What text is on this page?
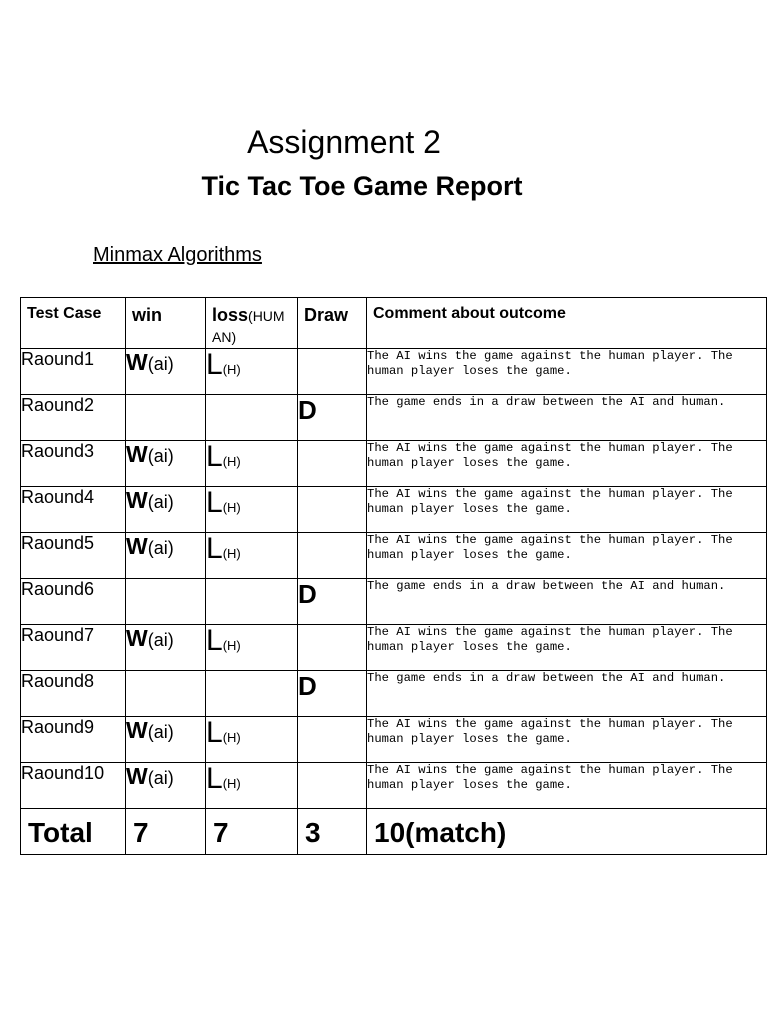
Assignment 2
Tic Tac Toe Game Report
Minmax Algorithms
Test Case	win	loss(HUM AN)	Draw	Comment about outcome

Raound1	W(ai)	L(H)		The AI wins the game against the human player. The human player loses the game.
Raound2			D	The game ends in a draw between the AI and human.
Raound3	W(ai)	L(H)		The AI wins the game against the human player. The human player loses the game.
Raound4	W(ai)	L(H)		The AI wins the game against the human player. The human player loses the game.
Raound5	W(ai)	L(H)		The AI wins the game against the human player. The human player loses the game.
Raound6			D	The game ends in a draw between the AI and human.
Raound7	W(ai)	L(H)		The AI wins the game against the human player. The human player loses the game.
Raound8			D	The game ends in a draw between the AI and human.
Raound9	W(ai)	L(H)		The AI wins the game against the human player. The human player loses the game.
Raound10	W(ai)	L(H)		The AI wins the game against the human player. The human player loses the game.

Total	7	7	3	10(match)
